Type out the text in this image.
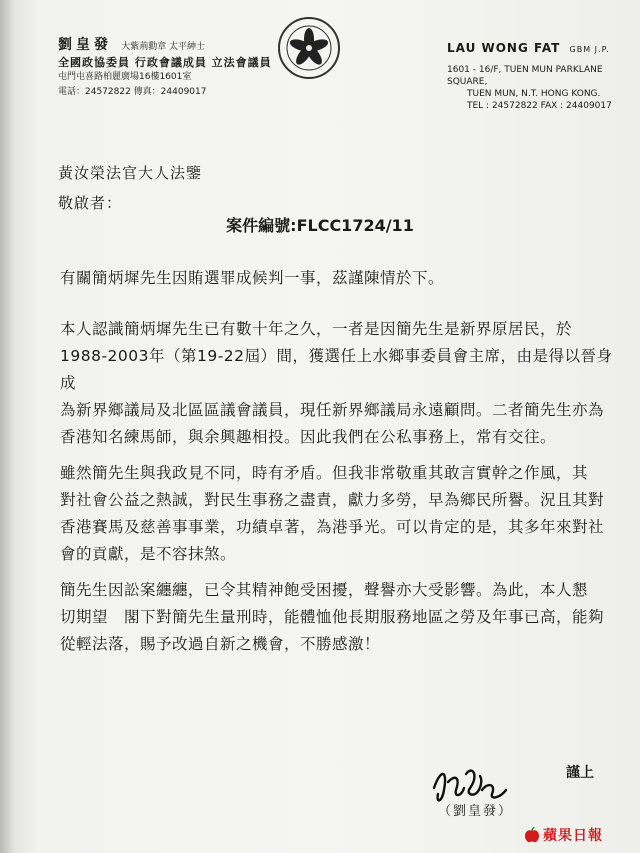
劉皇發 大紫荊勳章 太平紳士
全國政協委員 行政會議成員 立法會議員
屯門屯喜路柏麗廣場16樓1601室
電話：24572822 傳真：24409017
LAU WONG FAT GBM J.P.
1601 - 16/F, TUEN MUN PARKLANE SQUARE,
TUEN MUN, N.T. HONG KONG.
TEL : 24572822 FAX : 24409017
黃汝榮法官大人法鑒
敬啟者：
案件編號:FLCC1724/11

有關簡炳墀先生因賄選罪成候判一事，茲謹陳情於下。

本人認識簡炳墀先生已有數十年之久，一者是因簡先生是新界原居民，於
1988-2003年（第19-22屆）間，獲選任上水鄉事委員會主席，由是得以晉身成
為新界鄉議局及北區區議會議員，現任新界鄉議局永遠顧問。二者簡先生亦為
香港知名練馬師，與余興趣相投。因此我們在公私事務上，常有交往。

雖然簡先生與我政見不同，時有矛盾。但我非常敬重其敢言實幹之作風，其
對社會公益之熱誠，對民生事務之盡責，獻力多勞，早為鄉民所譽。況且其對
香港賽馬及慈善事事業，功績卓著，為港爭光。可以肯定的是，其多年來對社
會的貢獻，是不容抹煞。

簡先生因訟案纏纏，已令其精神飽受困擾，聲譽亦大受影響。為此，本人懇
切期望　閣下對簡先生量刑時，能體恤他長期服務地區之勞及年事已高，能夠
從輕法落，賜予改過自新之機會，不勝感激！

謹上
（劉皇發）
蘋果日報
